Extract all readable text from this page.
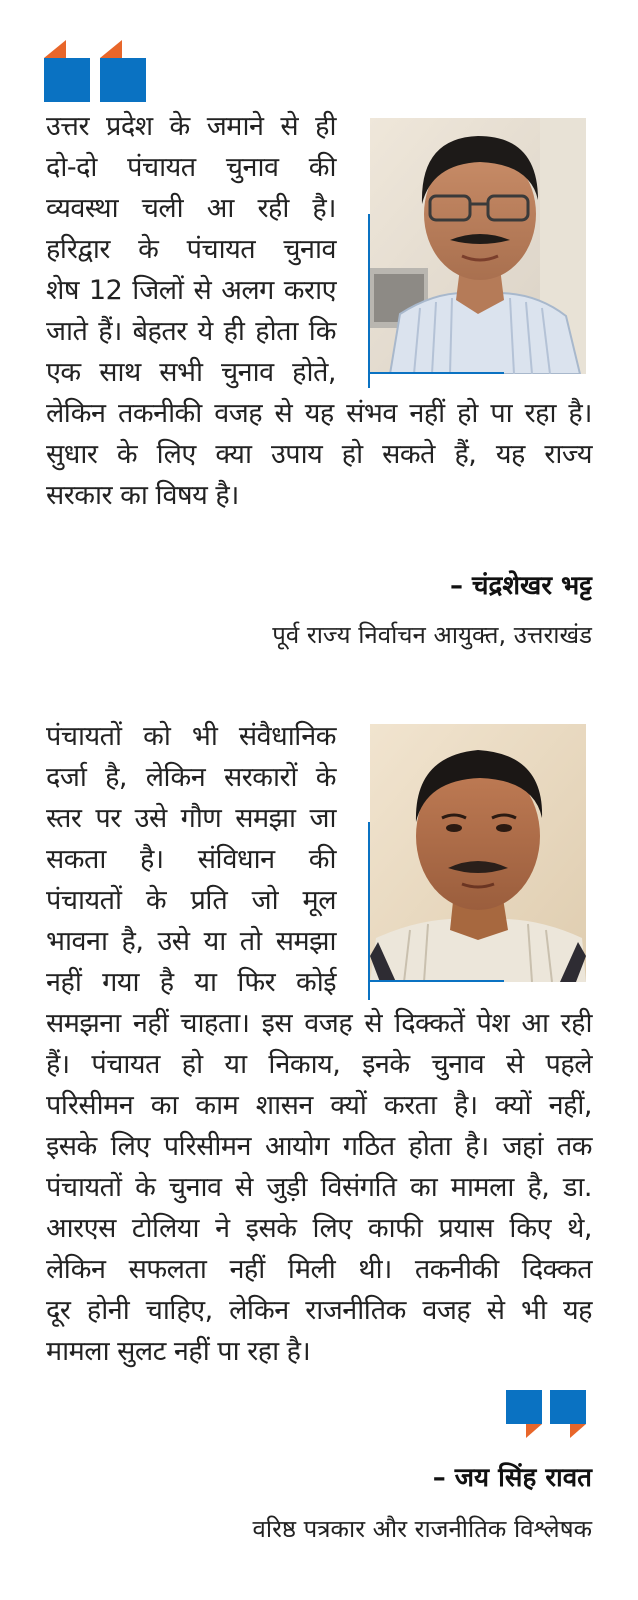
उत्तर प्रदेश के जमाने से ही
दो-दो पंचायत चुनाव की
व्यवस्था चली आ रही है।
हरिद्वार के पंचायत चुनाव
शेष 12 जिलों से अलग कराए
जाते हैं। बेहतर ये ही होता कि
एक साथ सभी चुनाव होते,
लेकिन तकनीकी वजह से यह संभव नहीं हो पा रहा है।
सुधार के लिए क्या उपाय हो सकते हैं, यह राज्य
सरकार का विषय है।
– चंद्रशेखर भट्ट
पूर्व राज्य निर्वाचन आयुक्त, उत्तराखंड
पंचायतों को भी संवैधानिक
दर्जा है, लेकिन सरकारों के
स्तर पर उसे गौण समझा जा
सकता है। संविधान की
पंचायतों के प्रति जो मूल
भावना है, उसे या तो समझा
नहीं गया है या फिर कोई
समझना नहीं चाहता। इस वजह से दिक्कतें पेश आ रही
हैं। पंचायत हो या निकाय, इनके चुनाव से पहले
परिसीमन का काम शासन क्यों करता है। क्यों नहीं,
इसके लिए परिसीमन आयोग गठित होता है। जहां तक
पंचायतों के चुनाव से जुड़ी विसंगति का मामला है, डा.
आरएस टोलिया ने इसके लिए काफी प्रयास किए थे,
लेकिन सफलता नहीं मिली थी। तकनीकी दिक्कत
दूर होनी चाहिए, लेकिन राजनीतिक वजह से भी यह
मामला सुलट नहीं पा रहा है।
– जय सिंह रावत
वरिष्ठ पत्रकार और राजनीतिक विश्लेषक
